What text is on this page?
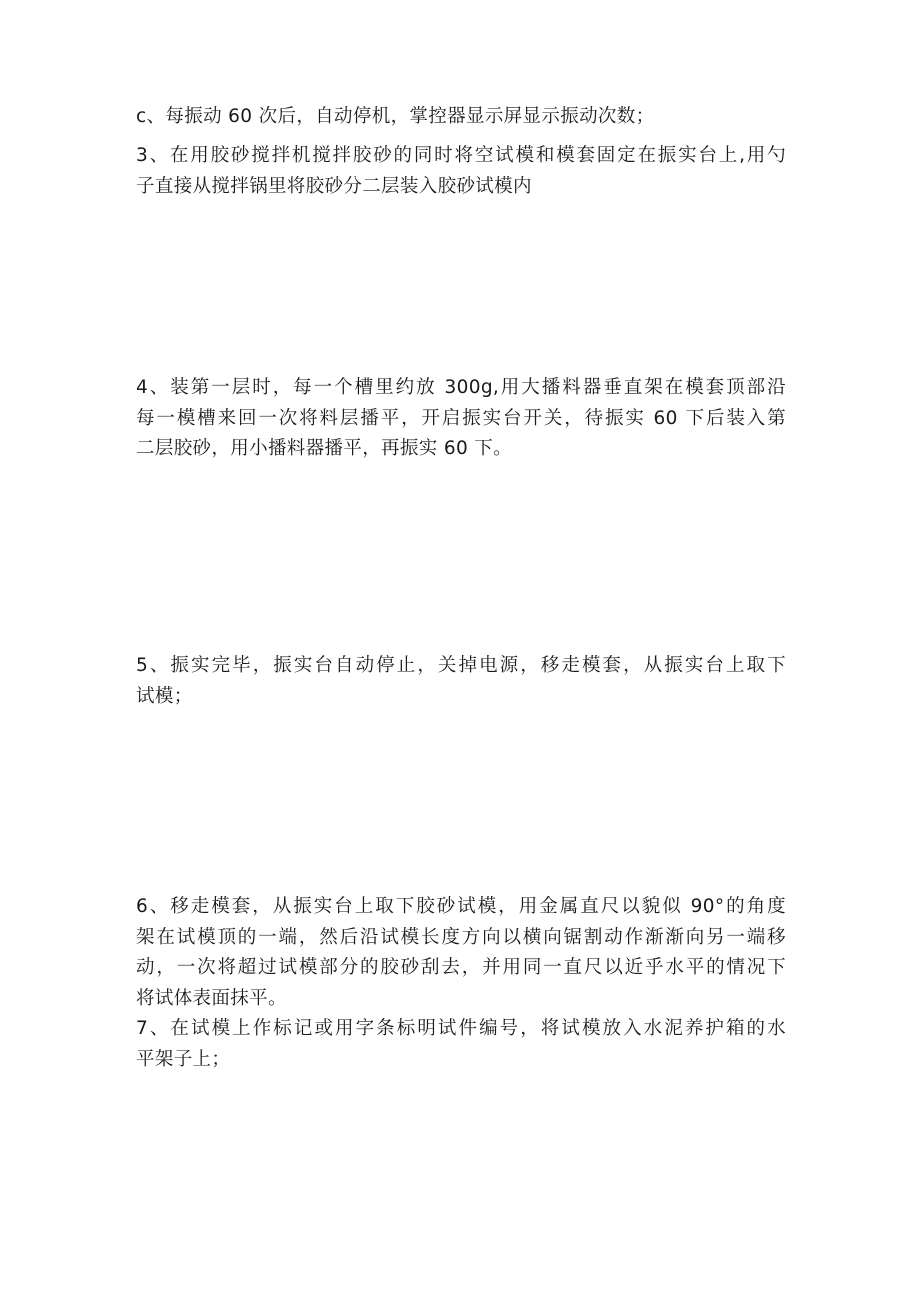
c、每振动 60 次后，自动停机，掌控器显示屏显示振动次数；
3、在用胶砂搅拌机搅拌胶砂的同时将空试模和模套固定在振实台上,用勺
子直接从搅拌锅里将胶砂分二层装入胶砂试模内
4、装第一层时，每一个槽里约放 300g,用大播料器垂直架在模套顶部沿
每一模槽来回一次将料层播平，开启振实台开关，待振实 60 下后装入第
二层胶砂，用小播料器播平，再振实 60 下。
5、振实完毕，振实台自动停止，关掉电源，移走模套，从振实台上取下
试模；
6、移走模套，从振实台上取下胶砂试模，用金属直尺以貌似 90°的角度
架在试模顶的一端，然后沿试模长度方向以横向锯割动作渐渐向另一端移
动，一次将超过试模部分的胶砂刮去，并用同一直尺以近乎水平的情况下
将试体表面抹平。
7、在试模上作标记或用字条标明试件编号，将试模放入水泥养护箱的水
平架子上；
